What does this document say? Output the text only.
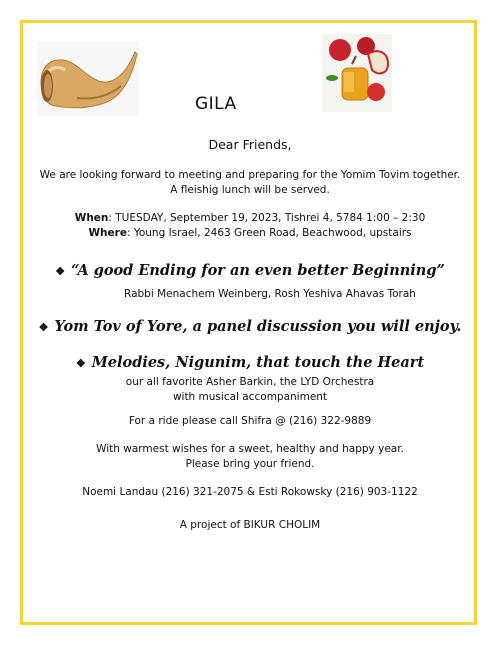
GILA
Dear Friends,
We are looking forward to meeting and preparing for the Yomim Tovim together.
A fleishig lunch will be served.
When: TUESDAY, September 19, 2023, Tishrei 4, 5784 1:00 – 2:30
Where: Young Israel, 2463 Green Road, Beachwood, upstairs
❖ “A good Ending for an even better Beginning”
Rabbi Menachem Weinberg, Rosh Yeshiva Ahavas Torah
❖ Yom Tov of Yore, a panel discussion you will enjoy.
❖ Melodies, Nigunim, that touch the Heart
our all favorite Asher Barkin, the LYD Orchestra
with musical accompaniment
For a ride please call Shifra @ (216) 322-9889
With warmest wishes for a sweet, healthy and happy year.
Please bring your friend.
Noemi Landau (216) 321-2075 & Esti Rokowsky (216) 903-1122
A project of BIKUR CHOLIM
